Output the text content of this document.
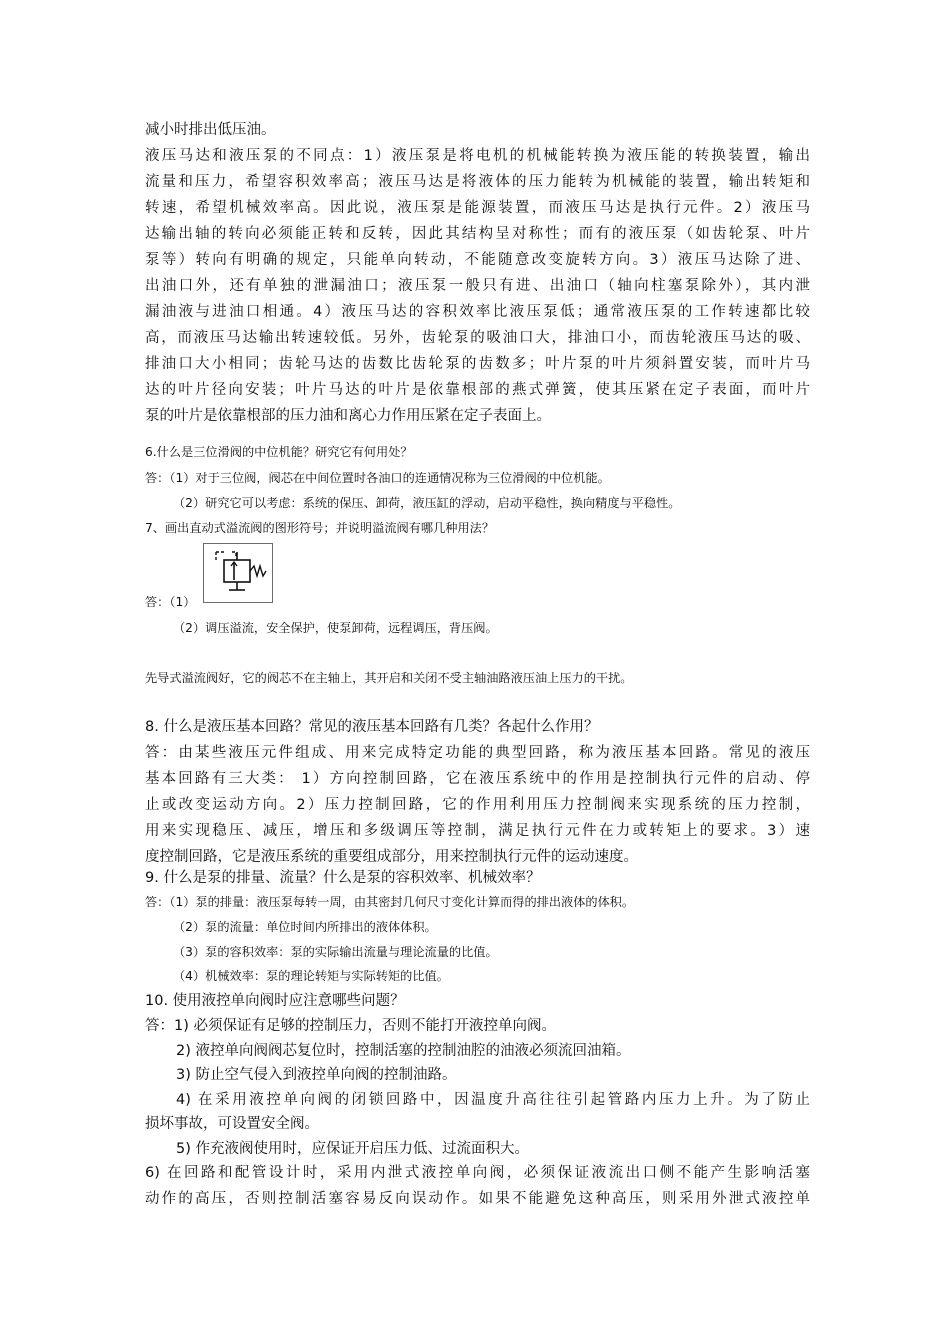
减小时排出低压油。
液压马达和液压泵的不同点：1）液压泵是将电机的机械能转换为液压能的转换装置，输出
流量和压力，希望容积效率高；液压马达是将液体的压力能转为机械能的装置，输出转矩和
转速，希望机械效率高。因此说，液压泵是能源装置，而液压马达是执行元件。2）液压马
达输出轴的转向必须能正转和反转，因此其结构呈对称性；而有的液压泵（如齿轮泵、叶片
泵等）转向有明确的规定，只能单向转动，不能随意改变旋转方向。3）液压马达除了进、
出油口外，还有单独的泄漏油口；液压泵一般只有进、出油口（轴向柱塞泵除外），其内泄
漏油液与进油口相通。4）液压马达的容积效率比液压泵低；通常液压泵的工作转速都比较
高，而液压马达输出转速较低。另外，齿轮泵的吸油口大，排油口小，而齿轮液压马达的吸、
排油口大小相同；齿轮马达的齿数比齿轮泵的齿数多；叶片泵的叶片须斜置安装，而叶片马
达的叶片径向安装；叶片马达的叶片是依靠根部的燕式弹簧，使其压紧在定子表面，而叶片
泵的叶片是依靠根部的压力油和离心力作用压紧在定子表面上。

6.什么是三位滑阀的中位机能？研究它有何用处？

答：（1）对于三位阀，阀芯在中间位置时各油口的连通情况称为三位滑阀的中位机能。

（2）研究它可以考虑：系统的保压、卸荷，液压缸的浮动，启动平稳性，换向精度与平稳性。

7、画出直动式溢流阀的图形符号；并说明溢流阀有哪几种用法？

答：（1）

（2）调压溢流，安全保护，使泵卸荷，远程调压，背压阀。

先导式溢流阀好，它的阀芯不在主轴上，其开启和关闭不受主轴油路液压油上压力的干扰。

8. 什么是液压基本回路？常见的液压基本回路有几类？各起什么作用？

答：由某些液压元件组成、用来完成特定功能的典型回路，称为液压基本回路。常见的液压
基本回路有三大类： 1）方向控制回路，它在液压系统中的作用是控制执行元件的启动、停
止或改变运动方向。2）压力控制回路，它的作用利用压力控制阀来实现系统的压力控制，
用来实现稳压、减压，增压和多级调压等控制，满足执行元件在力或转矩上的要求。3）速
度控制回路，它是液压系统的重要组成部分，用来控制执行元件的运动速度。

9. 什么是泵的排量、流量？什么是泵的容积效率、机械效率？

答：（1）泵的排量：液压泵每转一周，由其密封几何尺寸变化计算而得的排出液体的体积。

（2）泵的流量：单位时间内所排出的液体体积。

（3）泵的容积效率：泵的实际输出流量与理论流量的比值。

（4）机械效率：泵的理论转矩与实际转矩的比值。

10. 使用液控单向阀时应注意哪些问题？

答：1) 必须保证有足够的控制压力，否则不能打开液控单向阀。

2) 液控单向阀阀芯复位时，控制活塞的控制油腔的油液必须流回油箱。

3) 防止空气侵入到液控单向阀的控制油路。

4) 在采用液控单向阀的闭锁回路中，因温度升高往往引起管路内压力上升。为了防止

损坏事故，可设置安全阀。

5) 作充液阀使用时，应保证开启压力低、过流面积大。

6) 在回路和配管设计时，采用内泄式液控单向阀，必须保证液流出口侧不能产生影响活塞
动作的高压，否则控制活塞容易反向误动作。如果不能避免这种高压，则采用外泄式液控单
